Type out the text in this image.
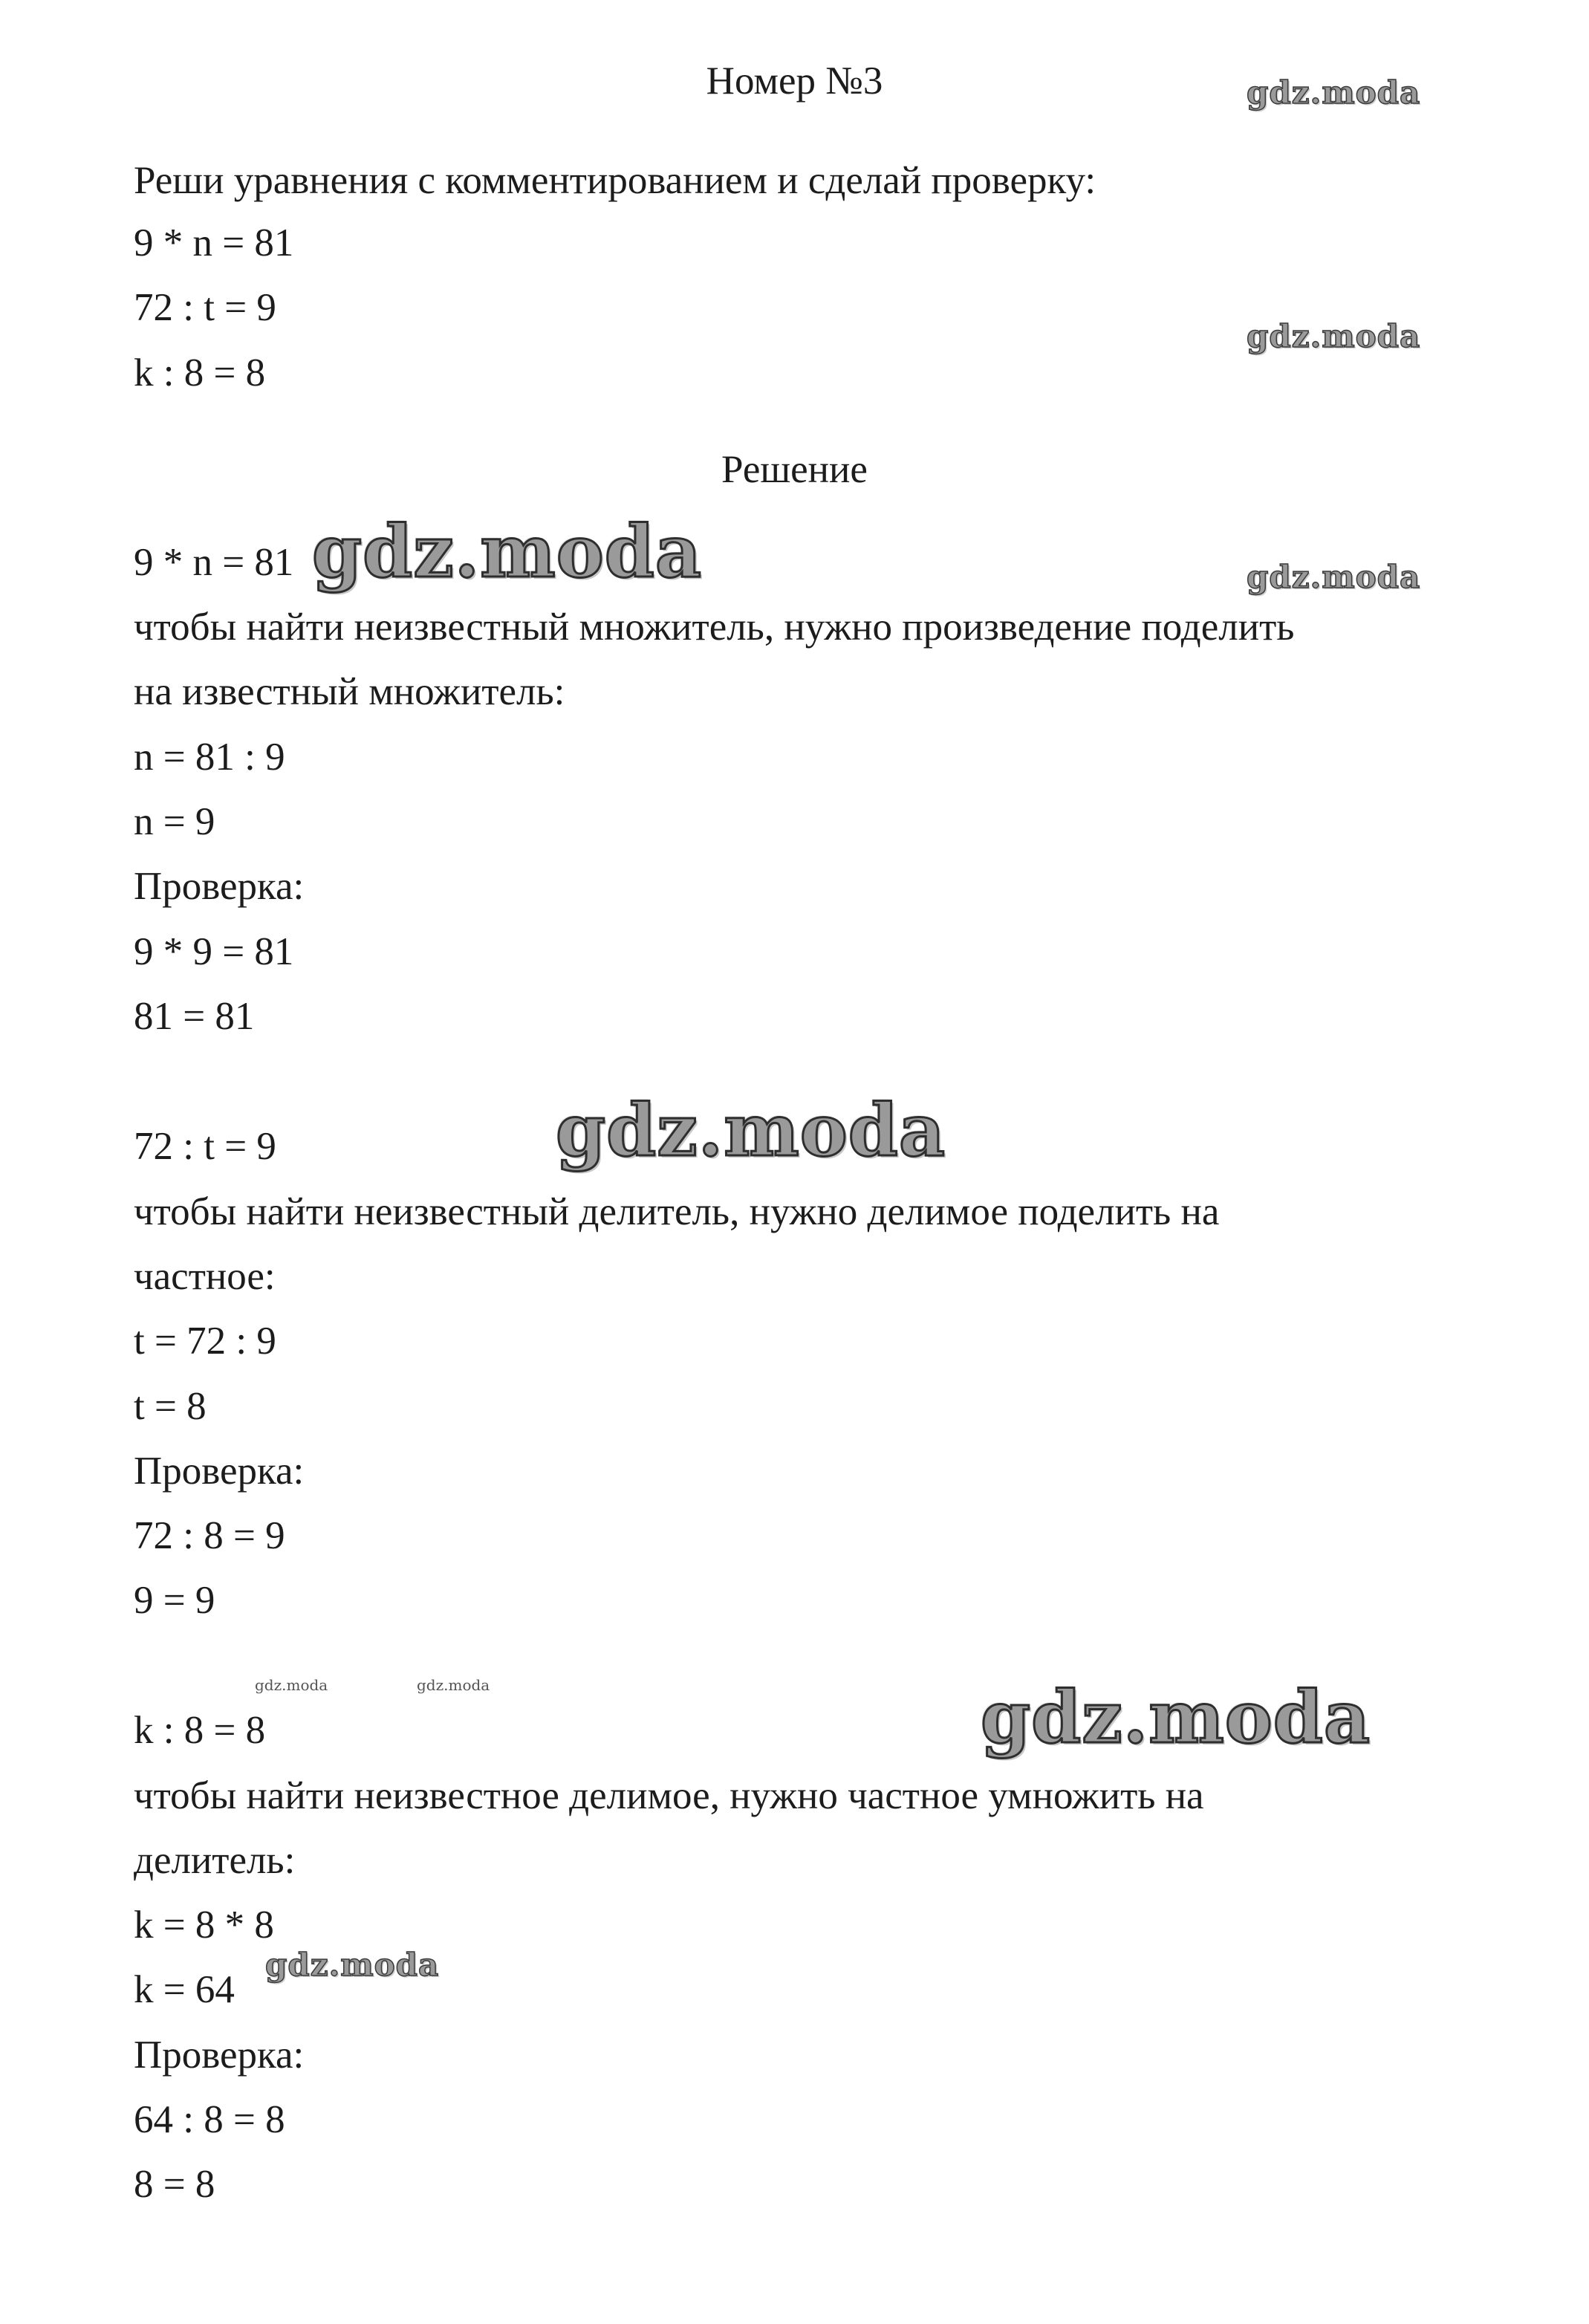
Номер №3

Реши уравнения с комментированием и сделай проверку:

9 * n = 81

72 : t = 9

k : 8 = 8

Решение

9 * n = 81

чтобы найти неизвестный множитель, нужно произведение поделить

на известный множитель:

n = 81 : 9

n = 9

Проверка:

9 * 9 = 81

81 = 81

72 : t = 9

чтобы найти неизвестный делитель, нужно делимое поделить на

частное:

t = 72 : 9

t = 8

Проверка:

72 : 8 = 9

9 = 9

k : 8 = 8

чтобы найти неизвестное делимое, нужно частное умножить на

делитель:

k = 8 * 8

k = 64

Проверка:

64 : 8 = 8

8 = 8

gdz.moda
gdz.moda
gdz.moda
gdz.moda
gdz.moda
gdz.moda
gdz.moda
gdz.moda	gdz.moda
